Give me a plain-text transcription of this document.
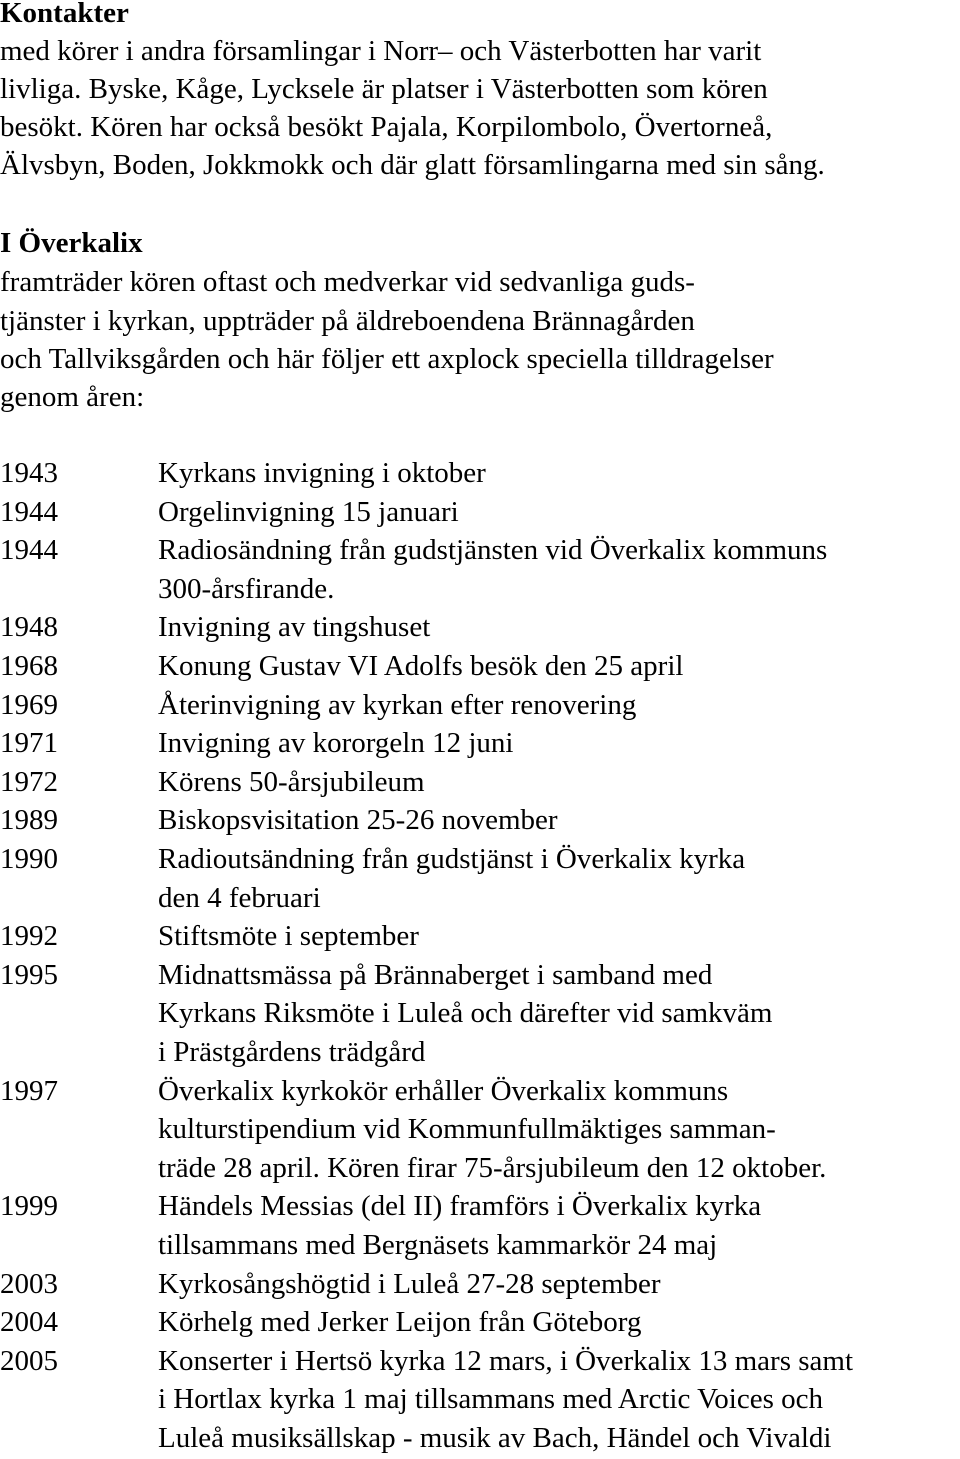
Kontakter
med körer i andra församlingar i Norr– och Västerbotten har varit
livliga. Byske, Kåge, Lycksele är platser i Västerbotten som kören
besökt. Kören har också besökt Pajala, Korpilombolo, Övertorneå,
Älvsbyn, Boden, Jokkmokk och där glatt församlingarna med sin sång.
I Överkalix
framträder kören oftast och medverkar vid sedvanliga guds-
tjänster i kyrkan, uppträder på äldreboendena Brännagården
och Tallviksgården och här följer ett axplock speciella tilldragelser
genom åren:
1943	Kyrkans invigning i oktober
1944	Orgelinvigning 15 januari
1944	Radiosändning från gudstjänsten vid Överkalix kommuns
300-årsfirande.
1948	Invigning av tingshuset
1968	Konung Gustav VI Adolfs besök den 25 april
1969	Återinvigning av kyrkan efter renovering
1971	Invigning av kororgeln 12 juni
1972	Körens 50-årsjubileum
1989	Biskopsvisitation 25-26 november
1990	Radioutsändning från gudstjänst i Överkalix kyrka
den 4 februari
1992	Stiftsmöte i september
1995	Midnattsmässa på Brännaberget i samband med
Kyrkans Riksmöte i Luleå och därefter vid samkväm
i Prästgårdens trädgård
1997	Överkalix kyrkokör erhåller Överkalix kommuns
kulturstipendium vid Kommunfullmäktiges samman-
träde 28 april. Kören firar 75-årsjubileum den 12 oktober.
1999	Händels Messias (del II) framförs i Överkalix kyrka
tillsammans med Bergnäsets kammarkör 24 maj
2003	Kyrkosångshögtid i Luleå 27-28 september
2004	Körhelg med Jerker Leijon från Göteborg
2005	Konserter i Hertsö kyrka 12 mars, i Överkalix 13 mars samt
i Hortlax kyrka 1 maj tillsammans med Arctic Voices och
Luleå musiksällskap - musik av Bach, Händel och Vivaldi
